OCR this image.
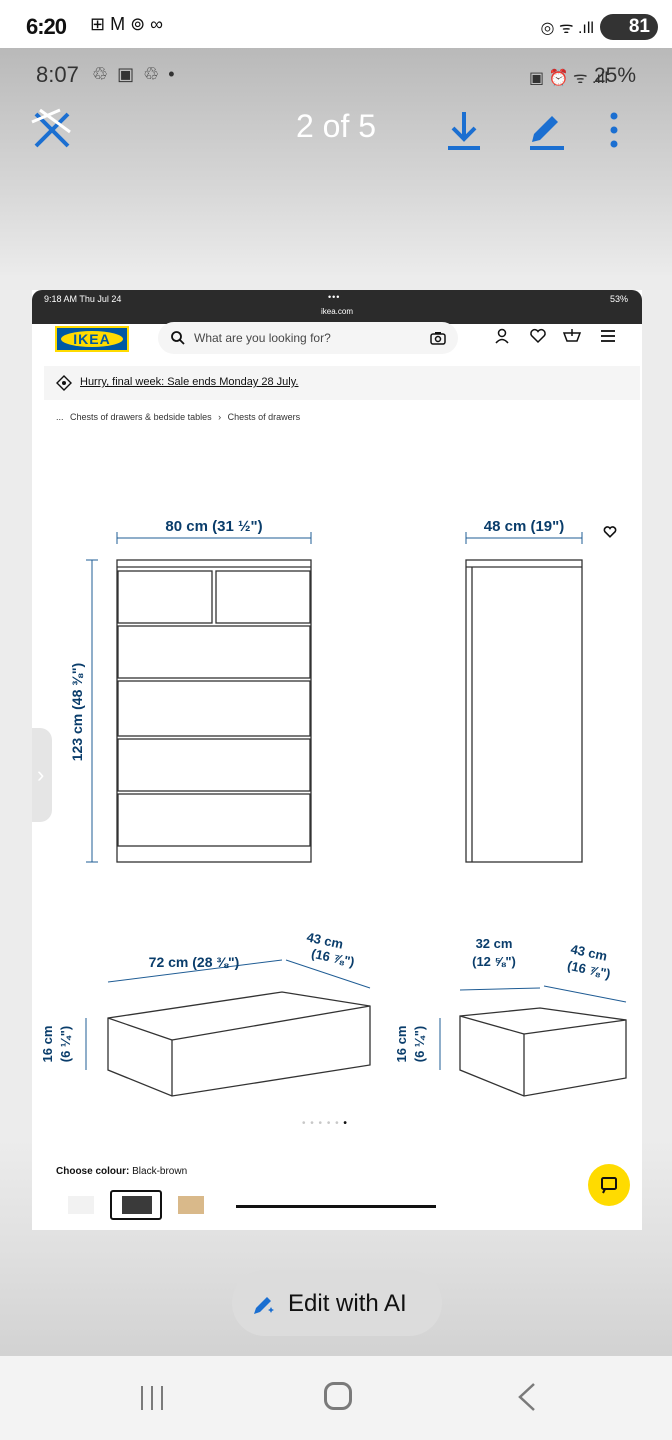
6:20 ⊞ M ⊚ ∞	◎ ᯤ .ıll	81
8:07 ♲ ▣ ♲ •	▣ ⏰ ᯤ .ıll
25%
2 of 5
9:18 AM Thu Jul 24	•••
ikea.com
53%
IKEA	What are you looking for?
Hurry, final week: Sale ends Monday 28 July.
... Chests of drawers & bedside tables › Chests of drawers
›
80 cm (31 ½")	48 cm (19")
123 cm (48 ⅜")
72 cm (28 ⅜")
43 cm
(16 ⅞")
16 cm (6 ¼")
32 cm
(12 ⅝")	43 cm
(16 ⅞")
16 cm (6 ¼")
• • • • • •
Choose colour: Black-brown
Edit with AI
